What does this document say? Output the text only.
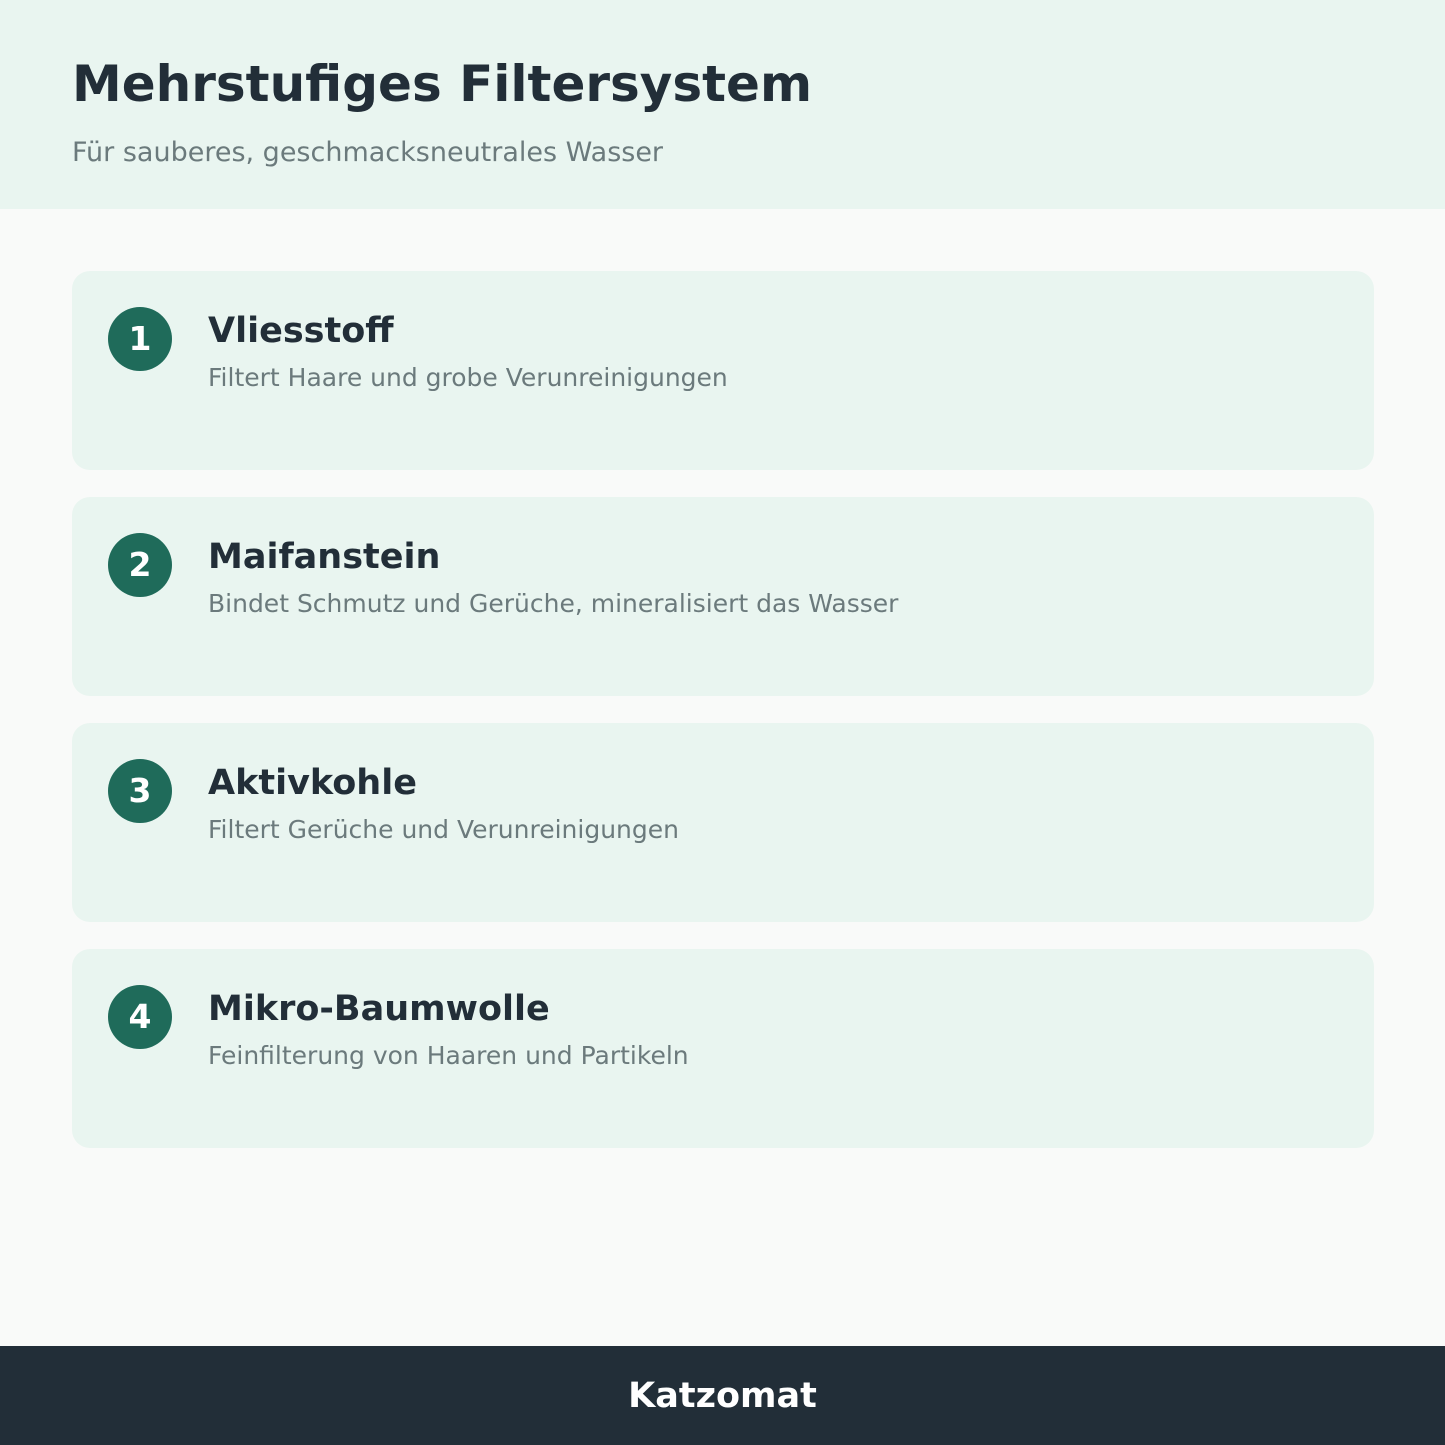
Mehrstufiges Filtersystem

Für sauberes, geschmacksneutrales Wasser

1	Vliesstoff

Filtert Haare und grobe Verunreinigungen

2	Maifanstein

Bindet Schmutz und Gerüche, mineralisiert das Wasser

3	Aktivkohle

Filtert Gerüche und Verunreinigungen

4	Mikro-Baumwolle

Feinfilterung von Haaren und Partikeln

Katzomat
